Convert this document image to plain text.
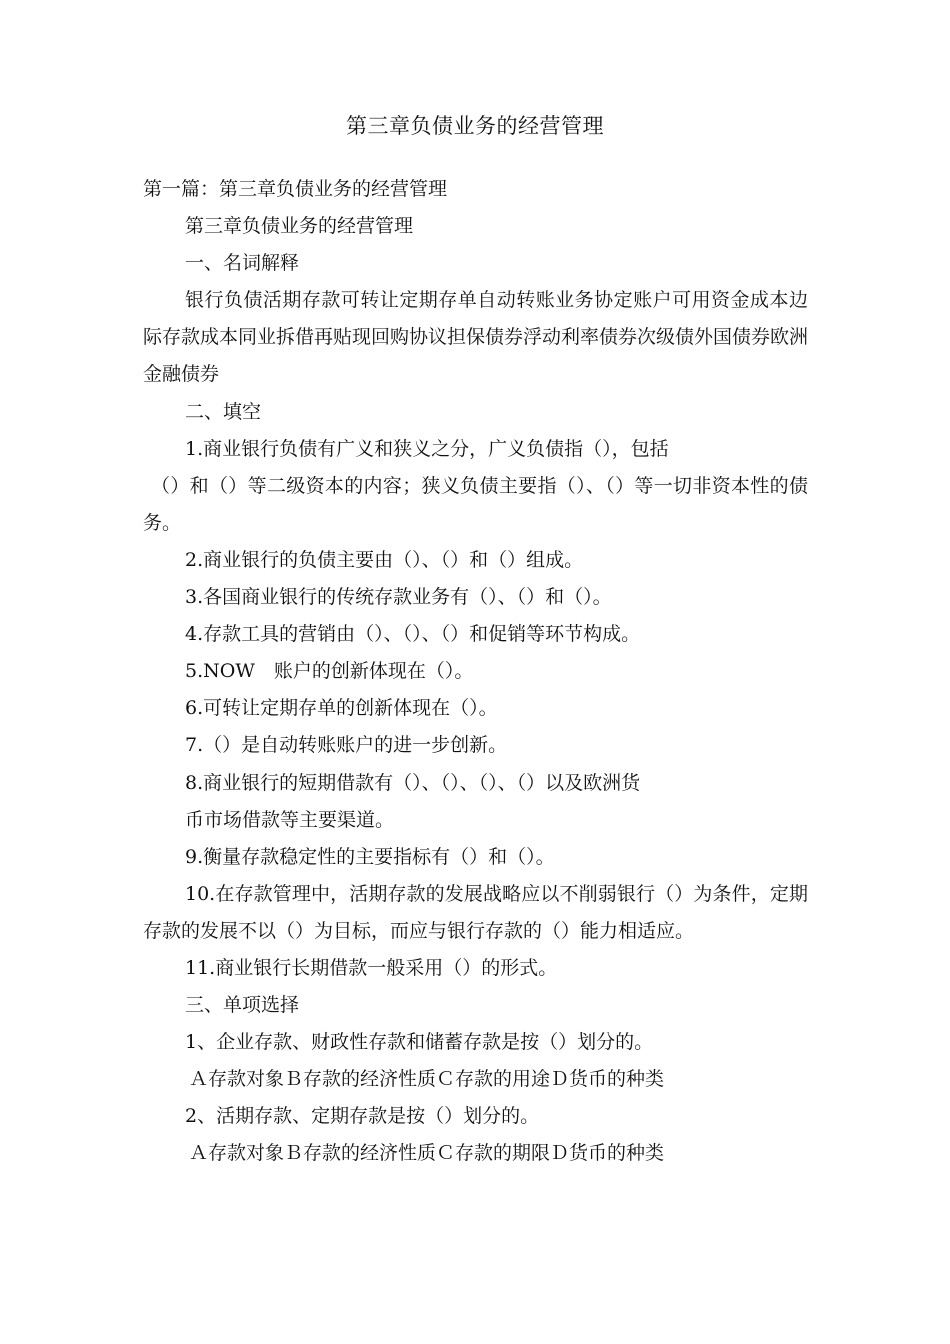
第三章负债业务的经营管理

第一篇：第三章负债业务的经营管理

第三章负债业务的经营管理

一、名词解释

银行负债活期存款可转让定期存单自动转账业务协定账户可用资金成本边际存款成本同业拆借再贴现回购协议担保债券浮动利率债券次级债外国债券欧洲金融债券

二、填空

1.商业银行负债有广义和狭义之分，广义负债指（），包括

（）和（）等二级资本的内容；狭义负债主要指（）、（）等一切非资本性的债务。

2.商业银行的负债主要由（）、（）和（）组成。

3.各国商业银行的传统存款业务有（）、（）和（）。

4.存款工具的营销由（）、（）、（）和促销等环节构成。

5.NOW　账户的创新体现在（）。

6.可转让定期存单的创新体现在（）。

7.（）是自动转账账户的进一步创新。

8.商业银行的短期借款有（）、（）、（）、（）以及欧洲货

币市场借款等主要渠道。

9.衡量存款稳定性的主要指标有（）和（）。

10.在存款管理中，活期存款的发展战略应以不削弱银行（）为条件，定期存款的发展不以（）为目标，而应与银行存款的（）能力相适应。

11.商业银行长期借款一般采用（）的形式。

三、单项选择

1、企业存款、财政性存款和储蓄存款是按（）划分的。

Ａ存款对象Ｂ存款的经济性质Ｃ存款的用途Ｄ货币的种类

2、活期存款、定期存款是按（）划分的。

Ａ存款对象Ｂ存款的经济性质Ｃ存款的期限Ｄ货币的种类
